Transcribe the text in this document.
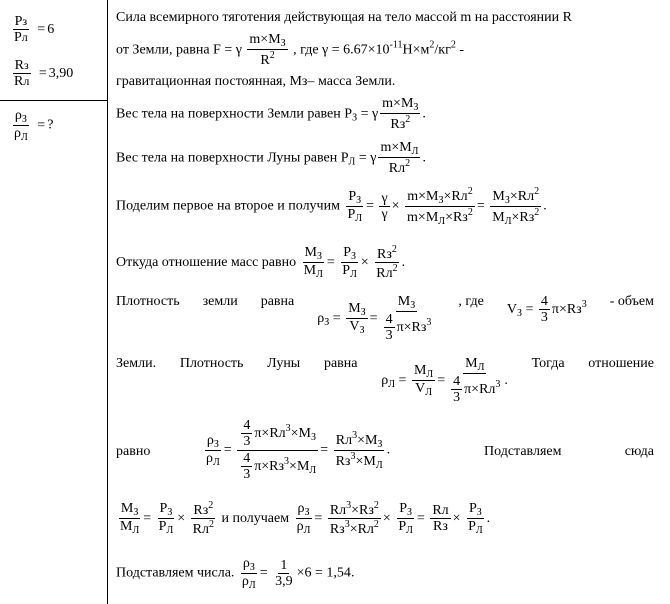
$\frac{Pз}{Pл} = 6$
$\frac{Rз}{Rл} = 3,90$
$\frac{\rho_З}{\rho_Л}$ = ?
Сила всемирного тяготения действующая на тело массой m на расстоянии R
от Земли, равна F = γ $\frac{m\times M_З}{R^2}$ , где $\gamma = 6.67\times 10^{-11}Н\times м^2/кг^2$ -
гравитационная постоянная, Мз– масса Земли.
Вес тела на поверхности Земли равен $P_З = \gamma \frac{m\times M_З}{Rз^2}$ .
Вес тела на поверхности Луны равен $P_Л = \gamma \frac{m\times M_Л}{Rл^2}$ .
Поделим первое на второе и получим $\frac{P_З}{P_Л} = \frac{\gamma}{\gamma} \times \frac{m\times M_З\times Rл^2}{m\times M_Л\times Rз^2} = \frac{M_З\times Rл^2}{M_Л\times Rз^2}$ .
Откуда отношение масс равно $\frac{M_З}{M_Л} = \frac{P_З}{P_Л} \times \frac{Rз^2}{Rл^2}$ .
Плотность земли равна
$\rho_З = \frac{M_З}{V_З} = \frac{M_З}{\frac{4}{3} \pi\times Rз^3}$ , где
$V_З = \frac{4}{3} \pi\times Rз^3$ - объем
Земли. Плотность Луны равна
$\rho_Л = \frac{M_Л}{V_Л} = \frac{M_Л}{\frac{4}{3} \pi\times Rл^3}$ .
Тогда отношение
равно	$\frac{\rho_З}{\rho_Л} = \frac{\frac{4}{3} \pi\times Rл^3\times M_З}{\frac{4}{3} \pi\times Rз^3\times M_Л} = \frac{Rл^3\times M_З}{Rз^3\times M_Л}$ .	Подставляем	сюда
$\frac{M_З}{M_Л} = \frac{P_З}{P_Л} \times \frac{Rз^2}{Rл^2}$ и получаем $\frac{\rho_З}{\rho_Л} = \frac{Rл^3\times Rз^2}{Rз^3\times Rл^2} \times \frac{P_З}{P_Л} = \frac{Rл}{Rз} \times \frac{P_З}{P_Л}$ .
Подставляем числа. $\frac{\rho_З}{\rho_Л} = \frac{1}{3,9} \times 6 = 1,54$.
